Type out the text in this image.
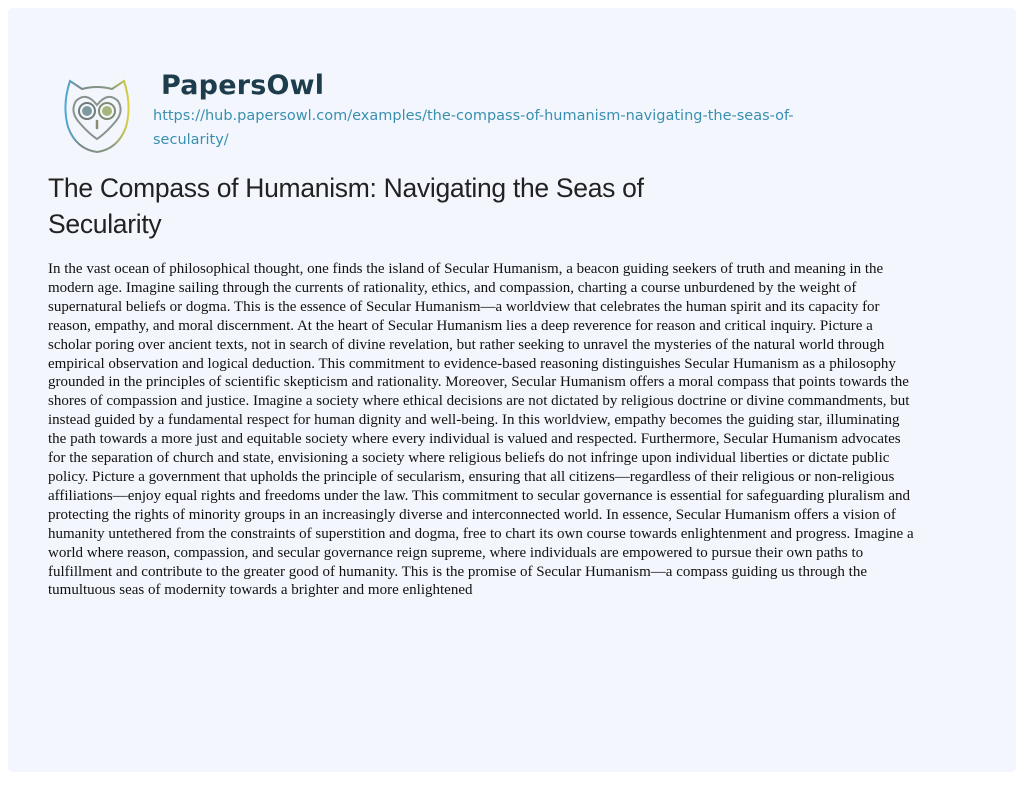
PapersOwl
https://hub.papersowl.com/examples/the-compass-of-humanism-navigating-the-seas-of-
secularity/
The Compass of Humanism: Navigating the Seas of
Secularity
In the vast ocean of philosophical thought, one finds the island of Secular Humanism, a beacon guiding seekers of truth and meaning in the
modern age. Imagine sailing through the currents of rationality, ethics, and compassion, charting a course unburdened by the weight of
supernatural beliefs or dogma. This is the essence of Secular Humanism—a worldview that celebrates the human spirit and its capacity for
reason, empathy, and moral discernment. At the heart of Secular Humanism lies a deep reverence for reason and critical inquiry. Picture a
scholar poring over ancient texts, not in search of divine revelation, but rather seeking to unravel the mysteries of the natural world through
empirical observation and logical deduction. This commitment to evidence-based reasoning distinguishes Secular Humanism as a philosophy
grounded in the principles of scientific skepticism and rationality. Moreover, Secular Humanism offers a moral compass that points towards the
shores of compassion and justice. Imagine a society where ethical decisions are not dictated by religious doctrine or divine commandments, but
instead guided by a fundamental respect for human dignity and well-being. In this worldview, empathy becomes the guiding star, illuminating
the path towards a more just and equitable society where every individual is valued and respected. Furthermore, Secular Humanism advocates
for the separation of church and state, envisioning a society where religious beliefs do not infringe upon individual liberties or dictate public
policy. Picture a government that upholds the principle of secularism, ensuring that all citizens—regardless of their religious or non-religious
affiliations—enjoy equal rights and freedoms under the law. This commitment to secular governance is essential for safeguarding pluralism and
protecting the rights of minority groups in an increasingly diverse and interconnected world. In essence, Secular Humanism offers a vision of
humanity untethered from the constraints of superstition and dogma, free to chart its own course towards enlightenment and progress. Imagine a
world where reason, compassion, and secular governance reign supreme, where individuals are empowered to pursue their own paths to
fulfillment and contribute to the greater good of humanity. This is the promise of Secular Humanism—a compass guiding us through the
tumultuous seas of modernity towards a brighter and more enlightened
